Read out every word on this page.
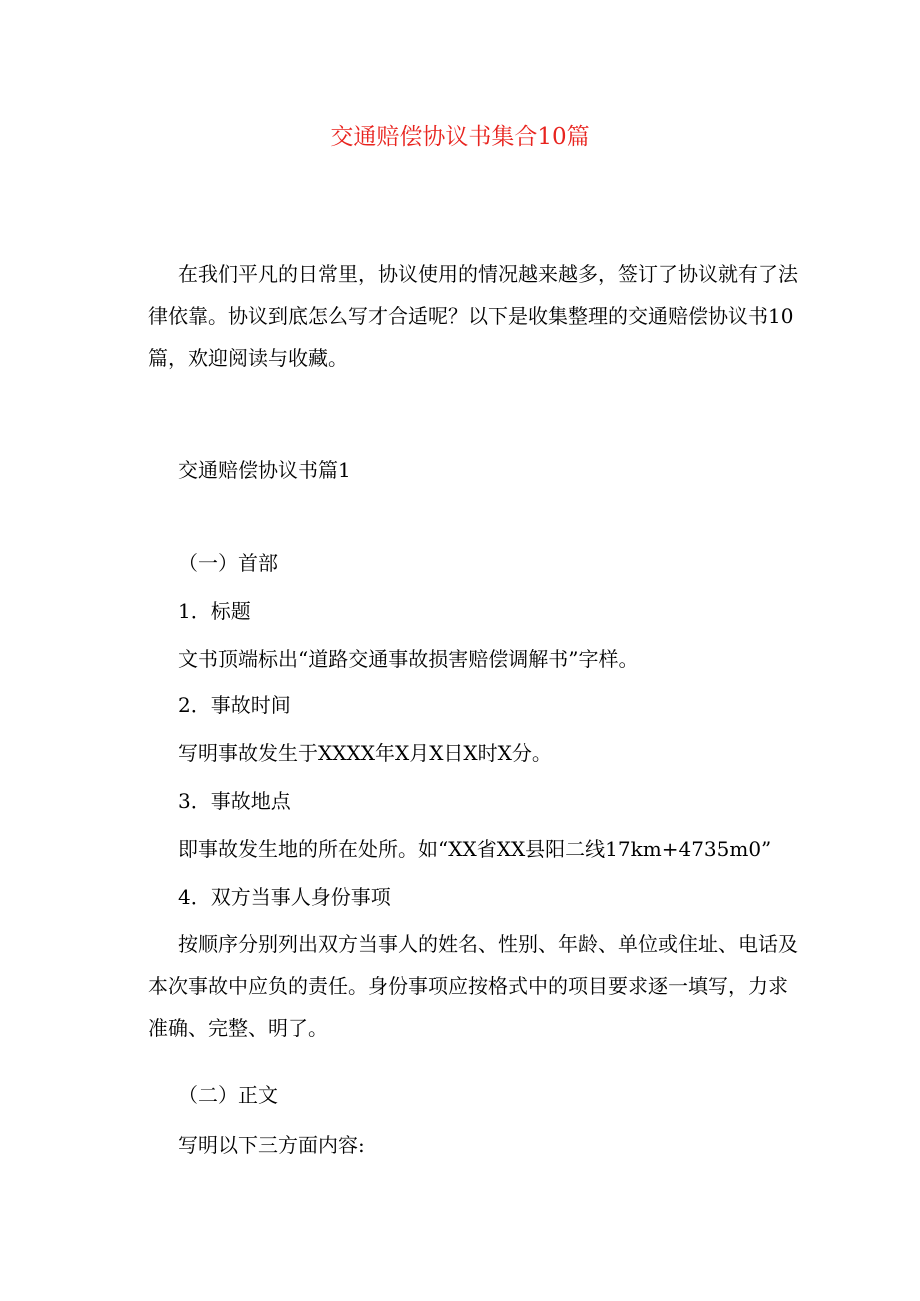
交通赔偿协议书集合10篇
在我们平凡的日常里，协议使用的情况越来越多，签订了协议就有了法律依靠。协议到底怎么写才合适呢？以下是收集整理的交通赔偿协议书10篇，欢迎阅读与收藏。
交通赔偿协议书篇1
（一）首部
1．标题
文书顶端标出“道路交通事故损害赔偿调解书”字样。
2．事故时间
写明事故发生于XXXX年X月X日X时X分。
3．事故地点
即事故发生地的所在处所。如“XX省XX县阳二线17km+4735m0”
4．双方当事人身份事项
按顺序分别列出双方当事人的姓名、性别、年龄、单位或住址、电话及本次事故中应负的责任。身份事项应按格式中的项目要求逐一填写，力求准确、完整、明了。
（二）正文
写明以下三方面内容:
